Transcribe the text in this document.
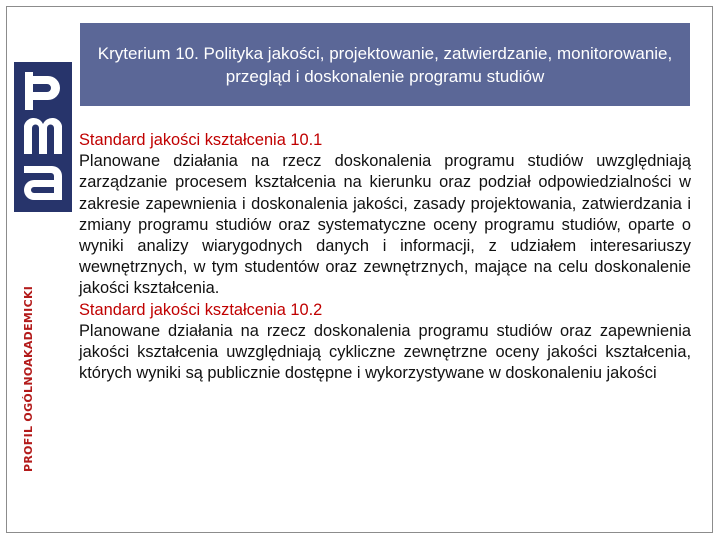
PROFIL OGÓLNOAKADEMICKI
Kryterium 10. Polityka jakości, projektowanie, zatwierdzanie, monitorowanie, przegląd i doskonalenie programu studiów

Standard jakości kształcenia 10.1

Planowane działania na rzecz doskonalenia programu studiów uwzględniają zarządzanie procesem kształcenia na kierunku oraz podział odpowiedzialności w zakresie zapewnienia i doskonalenia jakości, zasady projektowania, zatwierdzania i zmiany programu studiów oraz systematyczne oceny programu studiów, oparte o wyniki analizy wiarygodnych danych i informacji, z udziałem interesariuszy wewnętrznych, w tym studentów oraz zewnętrznych, mające na celu doskonalenie jakości kształcenia.

Standard jakości kształcenia 10.2

Planowane działania na rzecz doskonalenia programu studiów oraz zapewnienia jakości kształcenia uwzględniają cykliczne zewnętrzne oceny jakości kształcenia, których wyniki są publicznie dostępne i wykorzystywane w doskonaleniu jakości
